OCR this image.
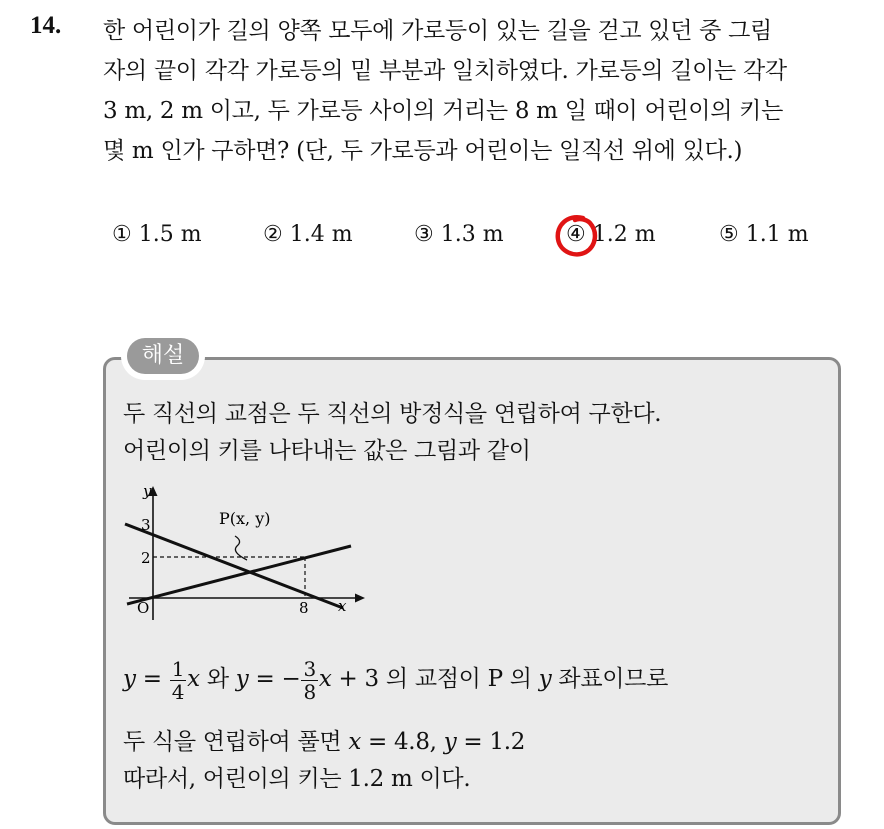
14. 한 어린이가 길의 양쪽 모두에 가로등이 있는 길을 걷고 있던 중 그림
자의 끝이 각각 가로등의 밑 부분과 일치하였다. 가로등의 길이는 각각
3 m, 2 m 이고, 두 가로등 사이의 거리는 8 m 일 때이 어린이의 키는
몇 m 인가 구하면? (단, 두 가로등과 어린이는 일직선 위에 있다.)
① 1.5 m	② 1.4 m	③ 1.3 m	④ 1.2 m	⑤ 1.1 m
해설
두 직선의 교점은 두 직선의 방정식을 연립하여 구한다.
어린이의 키를 나타내는 값은 그림과 같이
y
x
O
3
2
8
P(x, y)
$y = \frac{1}{4}$ x 와 y = − $\frac{3}{8}$ x + 3 의 교점이 P 의 y 좌표이므로
두 식을 연립하여 풀면 x = 4.8, y = 1.2
따라서, 어린이의 키는 1.2 m 이다.
